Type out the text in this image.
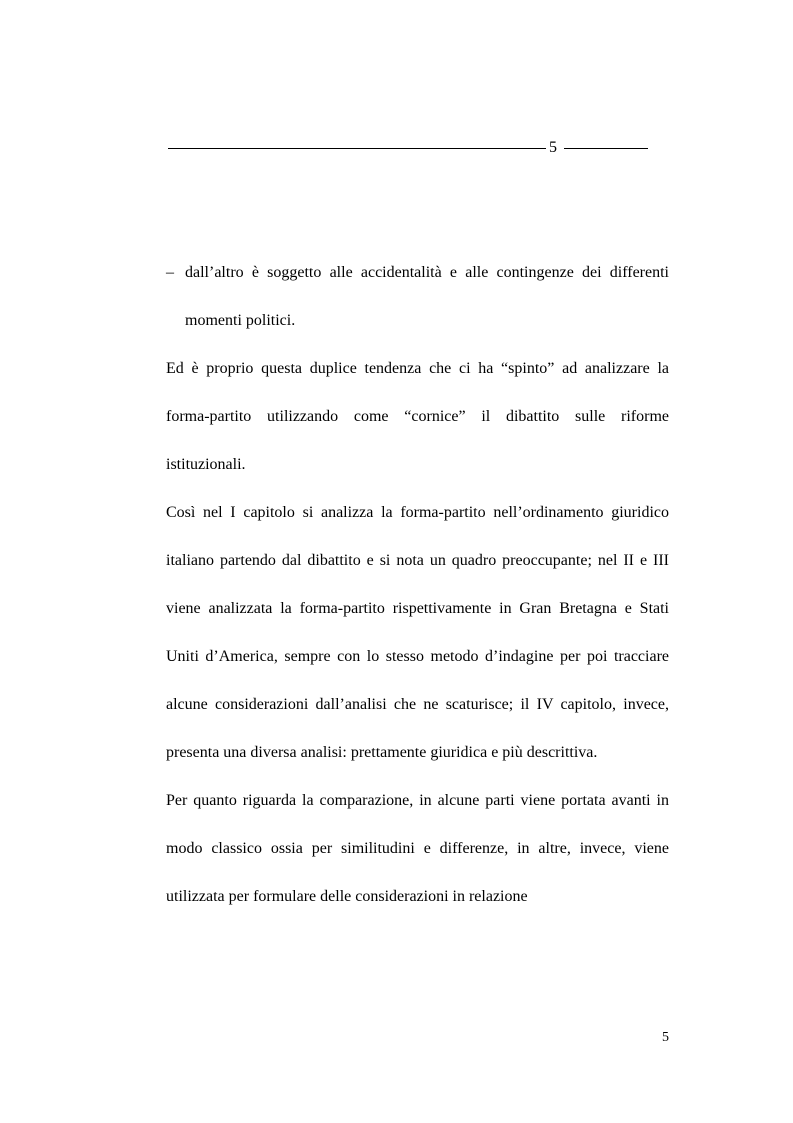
5
– dall’altro è soggetto alle accidentalità e alle contingenze dei differenti momenti politici.

Ed è proprio questa duplice tendenza che ci ha “spinto” ad analizzare la forma-partito utilizzando come “cornice” il dibattito sulle riforme istituzionali.

Così nel I capitolo si analizza la forma-partito nell’ordinamento giuridico italiano partendo dal dibattito e si nota un quadro preoccupante; nel II e III viene analizzata la forma-partito rispettivamente in Gran Bretagna e Stati Uniti d’America, sempre con lo stesso metodo d’indagine per poi tracciare alcune considerazioni dall’analisi che ne scaturisce; il IV capitolo, invece, presenta una diversa analisi: prettamente giuridica e più descrittiva.

Per quanto riguarda la comparazione, in alcune parti viene portata avanti in modo classico ossia per similitudini e differenze, in altre, invece, viene utilizzata per formulare delle considerazioni in relazione

5
